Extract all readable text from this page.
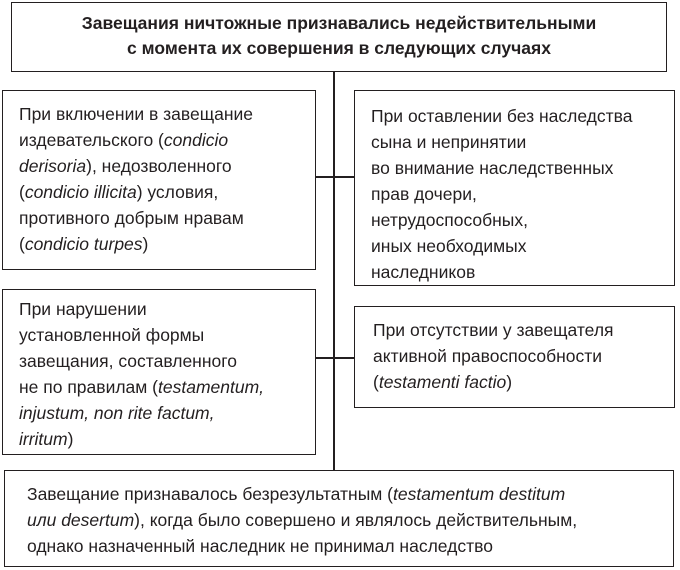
Завещания ничтожные признавались недействительными
с момента их совершения в следующих случаях
При включении в завещание
издевательского (condicio
derisoria), недозволенного
(condicio illicita) условия,
противного добрым нравам
(condicio turpes)
При оставлении без наследства
сына и непринятии
во внимание наследственных
прав дочери,
нетрудоспособных,
иных необходимых
наследников
При нарушении
установленной формы
завещания, составленного
не по правилам (testamentum,
injustum, non rite factum,
irritum)
При отсутствии у завещателя
активной правоспособности
(testamenti factio)
Завещание признавалось безрезультатным (testamentum destitum
или desertum), когда было совершено и являлось действительным,
однако назначенный наследник не принимал наследство
